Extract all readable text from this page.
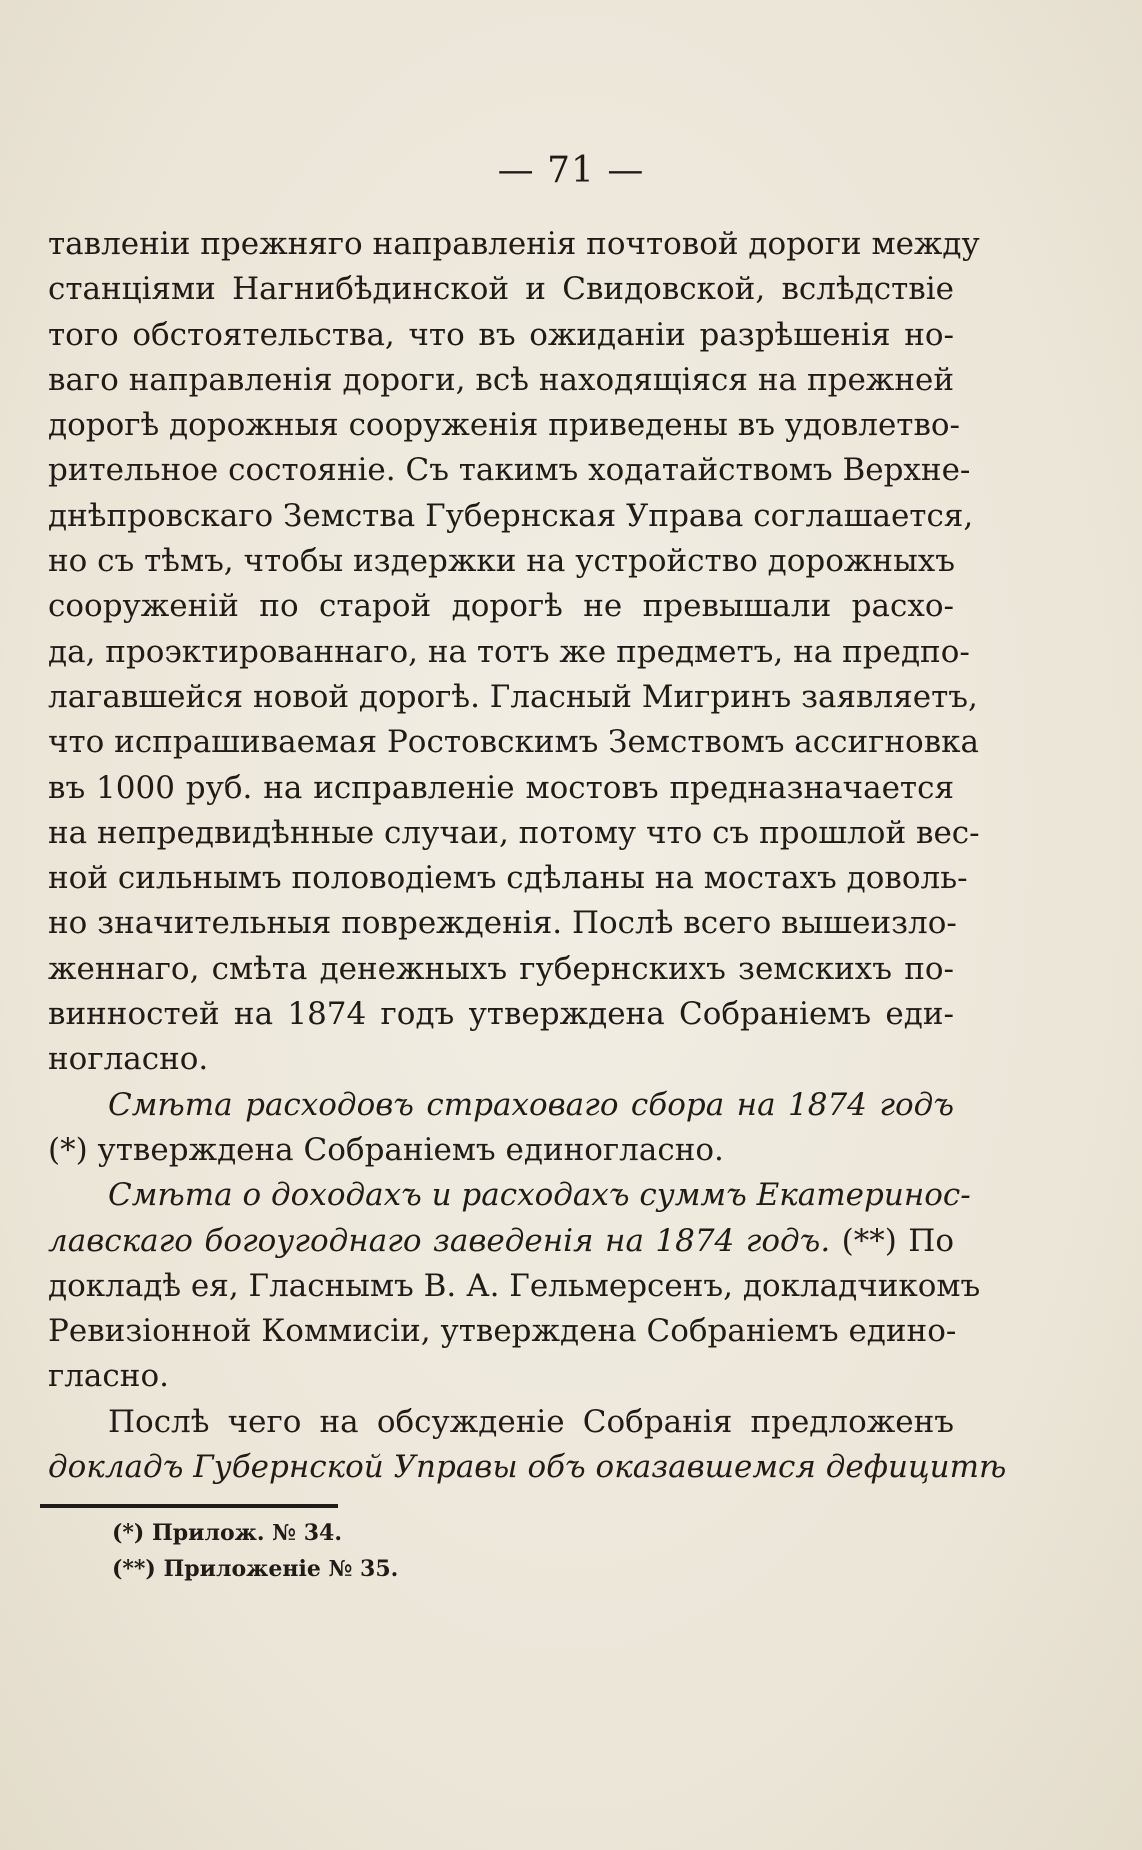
— 71 —
тавленіи прежняго направленія почтовой дороги между
станціями Нагнибѣдинской и Свидовской, вслѣдствіе
того обстоятельства, что въ ожиданіи разрѣшенія но-
ваго направленія дороги, всѣ находящіяся на прежней
дорогѣ дорожныя сооруженія приведены въ удовлетво-
рительное состояніе. Съ такимъ ходатайствомъ Верхне-
днѣпровскаго Земства Губернская Управа соглашается,
но съ тѣмъ, чтобы издержки на устройство дорожныхъ
сооруженій по старой дорогѣ не превышали расхо-
да, проэктированнаго, на тотъ же предметъ, на предпо-
лагавшейся новой дорогѣ. Гласный Мигринъ заявляетъ,
что испрашиваемая Ростовскимъ Земствомъ ассигновка
въ 1000 руб. на исправленіе мостовъ предназначается
на непредвидѣнные случаи, потому что съ прошлой вес-
ной сильнымъ половодіемъ сдѣланы на мостахъ доволь-
но значительныя поврежденія. Послѣ всего вышеизло-
женнаго, смѣта денежныхъ губернскихъ земскихъ по-
винностей на 1874 годъ утверждена Собраніемъ еди-
ногласно.
Смѣта расходовъ страховаго сбора на 1874 годъ
(*) утверждена Собраніемъ единогласно.
Смѣта о доходахъ и расходахъ суммъ Екатеринос-
лавскаго богоугоднаго заведенія на 1874 годъ. (**) По
докладѣ ея, Гласнымъ В. А. Гельмерсенъ, докладчикомъ
Ревизіонной Коммисіи, утверждена Собраніемъ едино-
гласно.
Послѣ чего на обсужденіе Собранія предложенъ
докладъ Губернской Управы объ оказавшемся дефицитѣ
(*) Прилож. № 34.
(**) Приложеніе № 35.
